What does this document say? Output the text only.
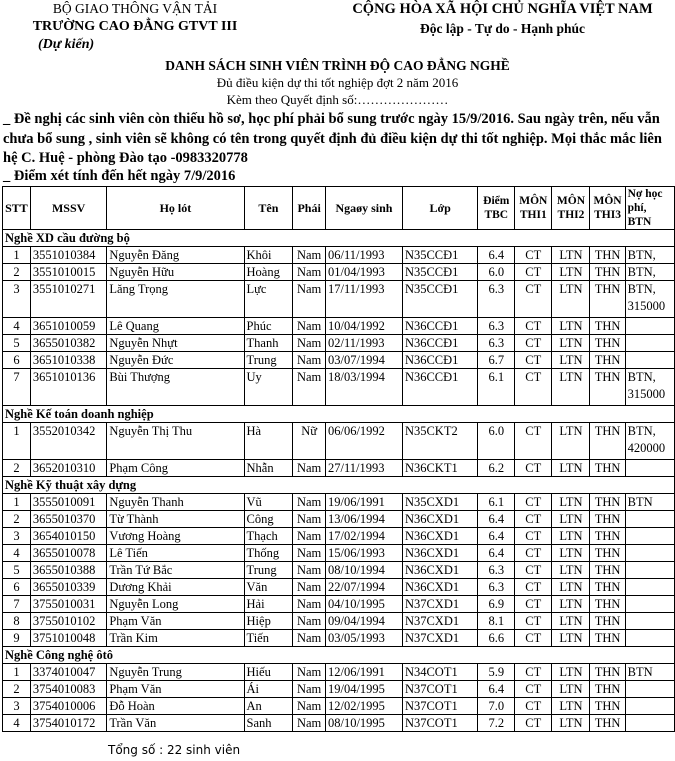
BỘ GIAO THÔNG VẬN TẢI
TRƯỜNG CAO ĐẲNG GTVT III
(Dự kiến)
CỘNG HÒA XÃ HỘI CHỦ NGHĨA VIỆT NAM
Độc lập - Tự do - Hạnh phúc
DANH SÁCH SINH VIÊN TRÌNH ĐỘ CAO ĐẲNG NGHỀ
Đủ điều kiện dự thi tốt nghiệp đợt 2 năm 2016
Kèm theo Quyết định số:…………………
_ Đề nghị các sinh viên còn thiếu hồ sơ, học phí phải bổ sung trước ngày 15/9/2016. Sau ngày trên, nếu vẫn chưa bổ sung , sinh viên sẽ không có tên trong quyết định đủ điều kiện dự thi tốt nghiệp. Mọi thắc mắc liên hệ C. Huệ - phòng Đào tạo -0983320778
_ Điểm xét tính đến hết ngày 7/9/2016
STT	MSSV	Họ lót	Tên	Phái	Ngaøy sinh	Lớp	Điểm TBC	MÔN THI1	MÔN THI2	MÔN THI3	Nợ học phí, BTN
Nghề XD cầu đường bộ											
1	3551010384	Nguyễn Đăng	Khôi	Nam	06/11/1993	N35CCĐ1	6.4	CT	LTN	THN	BTN,
2	3551010015	Nguyễn Hữu	Hoàng	Nam	01/04/1993	N35CCĐ1	6.0	CT	LTN	THN	BTN,
3	3551010271	Lăng Trọng	Lực	Nam	17/11/1993	N35CCĐ1	6.3	CT	LTN	THN	BTN, 315000
4	3651010059	Lê Quang	Phúc	Nam	10/04/1992	N36CCĐ1	6.3	CT	LTN	THN	
5	3655010382	Nguyễn Nhựt	Thanh	Nam	02/11/1993	N36CCĐ1	6.3	CT	LTN	THN	
6	3651010338	Nguyễn Đức	Trung	Nam	03/07/1994	N36CCĐ1	6.7	CT	LTN	THN	
7	3651010136	Bùi Thượng	Uy	Nam	18/03/1994	N36CCĐ1	6.1	CT	LTN	THN	BTN, 315000
Nghề Kế toán doanh nghiệp											
1	3552010342	Nguyễn Thị Thu	Hà	Nữ	06/06/1992	N35CKT2	6.0	CT	LTN	THN	BTN, 420000
2	3652010310	Phạm Công	Nhẫn	Nam	27/11/1993	N36CKT1	6.2	CT	LTN	THN	
Nghề Kỹ thuật xây dựng											
1	3555010091	Nguyễn Thanh	Vũ	Nam	19/06/1991	N35CXD1	6.1	CT	LTN	THN	BTN
2	3655010370	Từ Thành	Công	Nam	13/06/1994	N36CXD1	6.4	CT	LTN	THN	
3	3654010150	Vương Hoàng	Thạch	Nam	17/02/1994	N36CXD1	6.4	CT	LTN	THN	
4	3655010078	Lê Tiến	Thống	Nam	15/06/1993	N36CXD1	6.4	CT	LTN	THN	
5	3655010388	Trần Tứ Bắc	Trung	Nam	08/10/1994	N36CXD1	6.3	CT	LTN	THN	
6	3655010339	Dương Khải	Văn	Nam	22/07/1994	N36CXD1	6.3	CT	LTN	THN	
7	3755010031	Nguyễn Long	Hải	Nam	04/10/1995	N37CXD1	6.9	CT	LTN	THN	
8	3755010102	Phạm Văn	Hiệp	Nam	09/04/1994	N37CXD1	8.1	CT	LTN	THN	
9	3751010048	Trần Kim	Tiến	Nam	03/05/1993	N37CXD1	6.6	CT	LTN	THN	
Nghề Công nghệ ôtô											
1	3374010047	Nguyễn Trung	Hiếu	Nam	12/06/1991	N34COT1	5.9	CT	LTN	THN	BTN
2	3754010083	Phạm Văn	Ái	Nam	19/04/1995	N37COT1	6.4	CT	LTN	THN	
3	3754010006	Đỗ Hoàn	An	Nam	12/02/1995	N37COT1	7.0	CT	LTN	THN	
4	3754010172	Trần Văn	Sanh	Nam	08/10/1995	N37COT1	7.2	CT	LTN	THN	
Tổng số : 22 sinh viên
